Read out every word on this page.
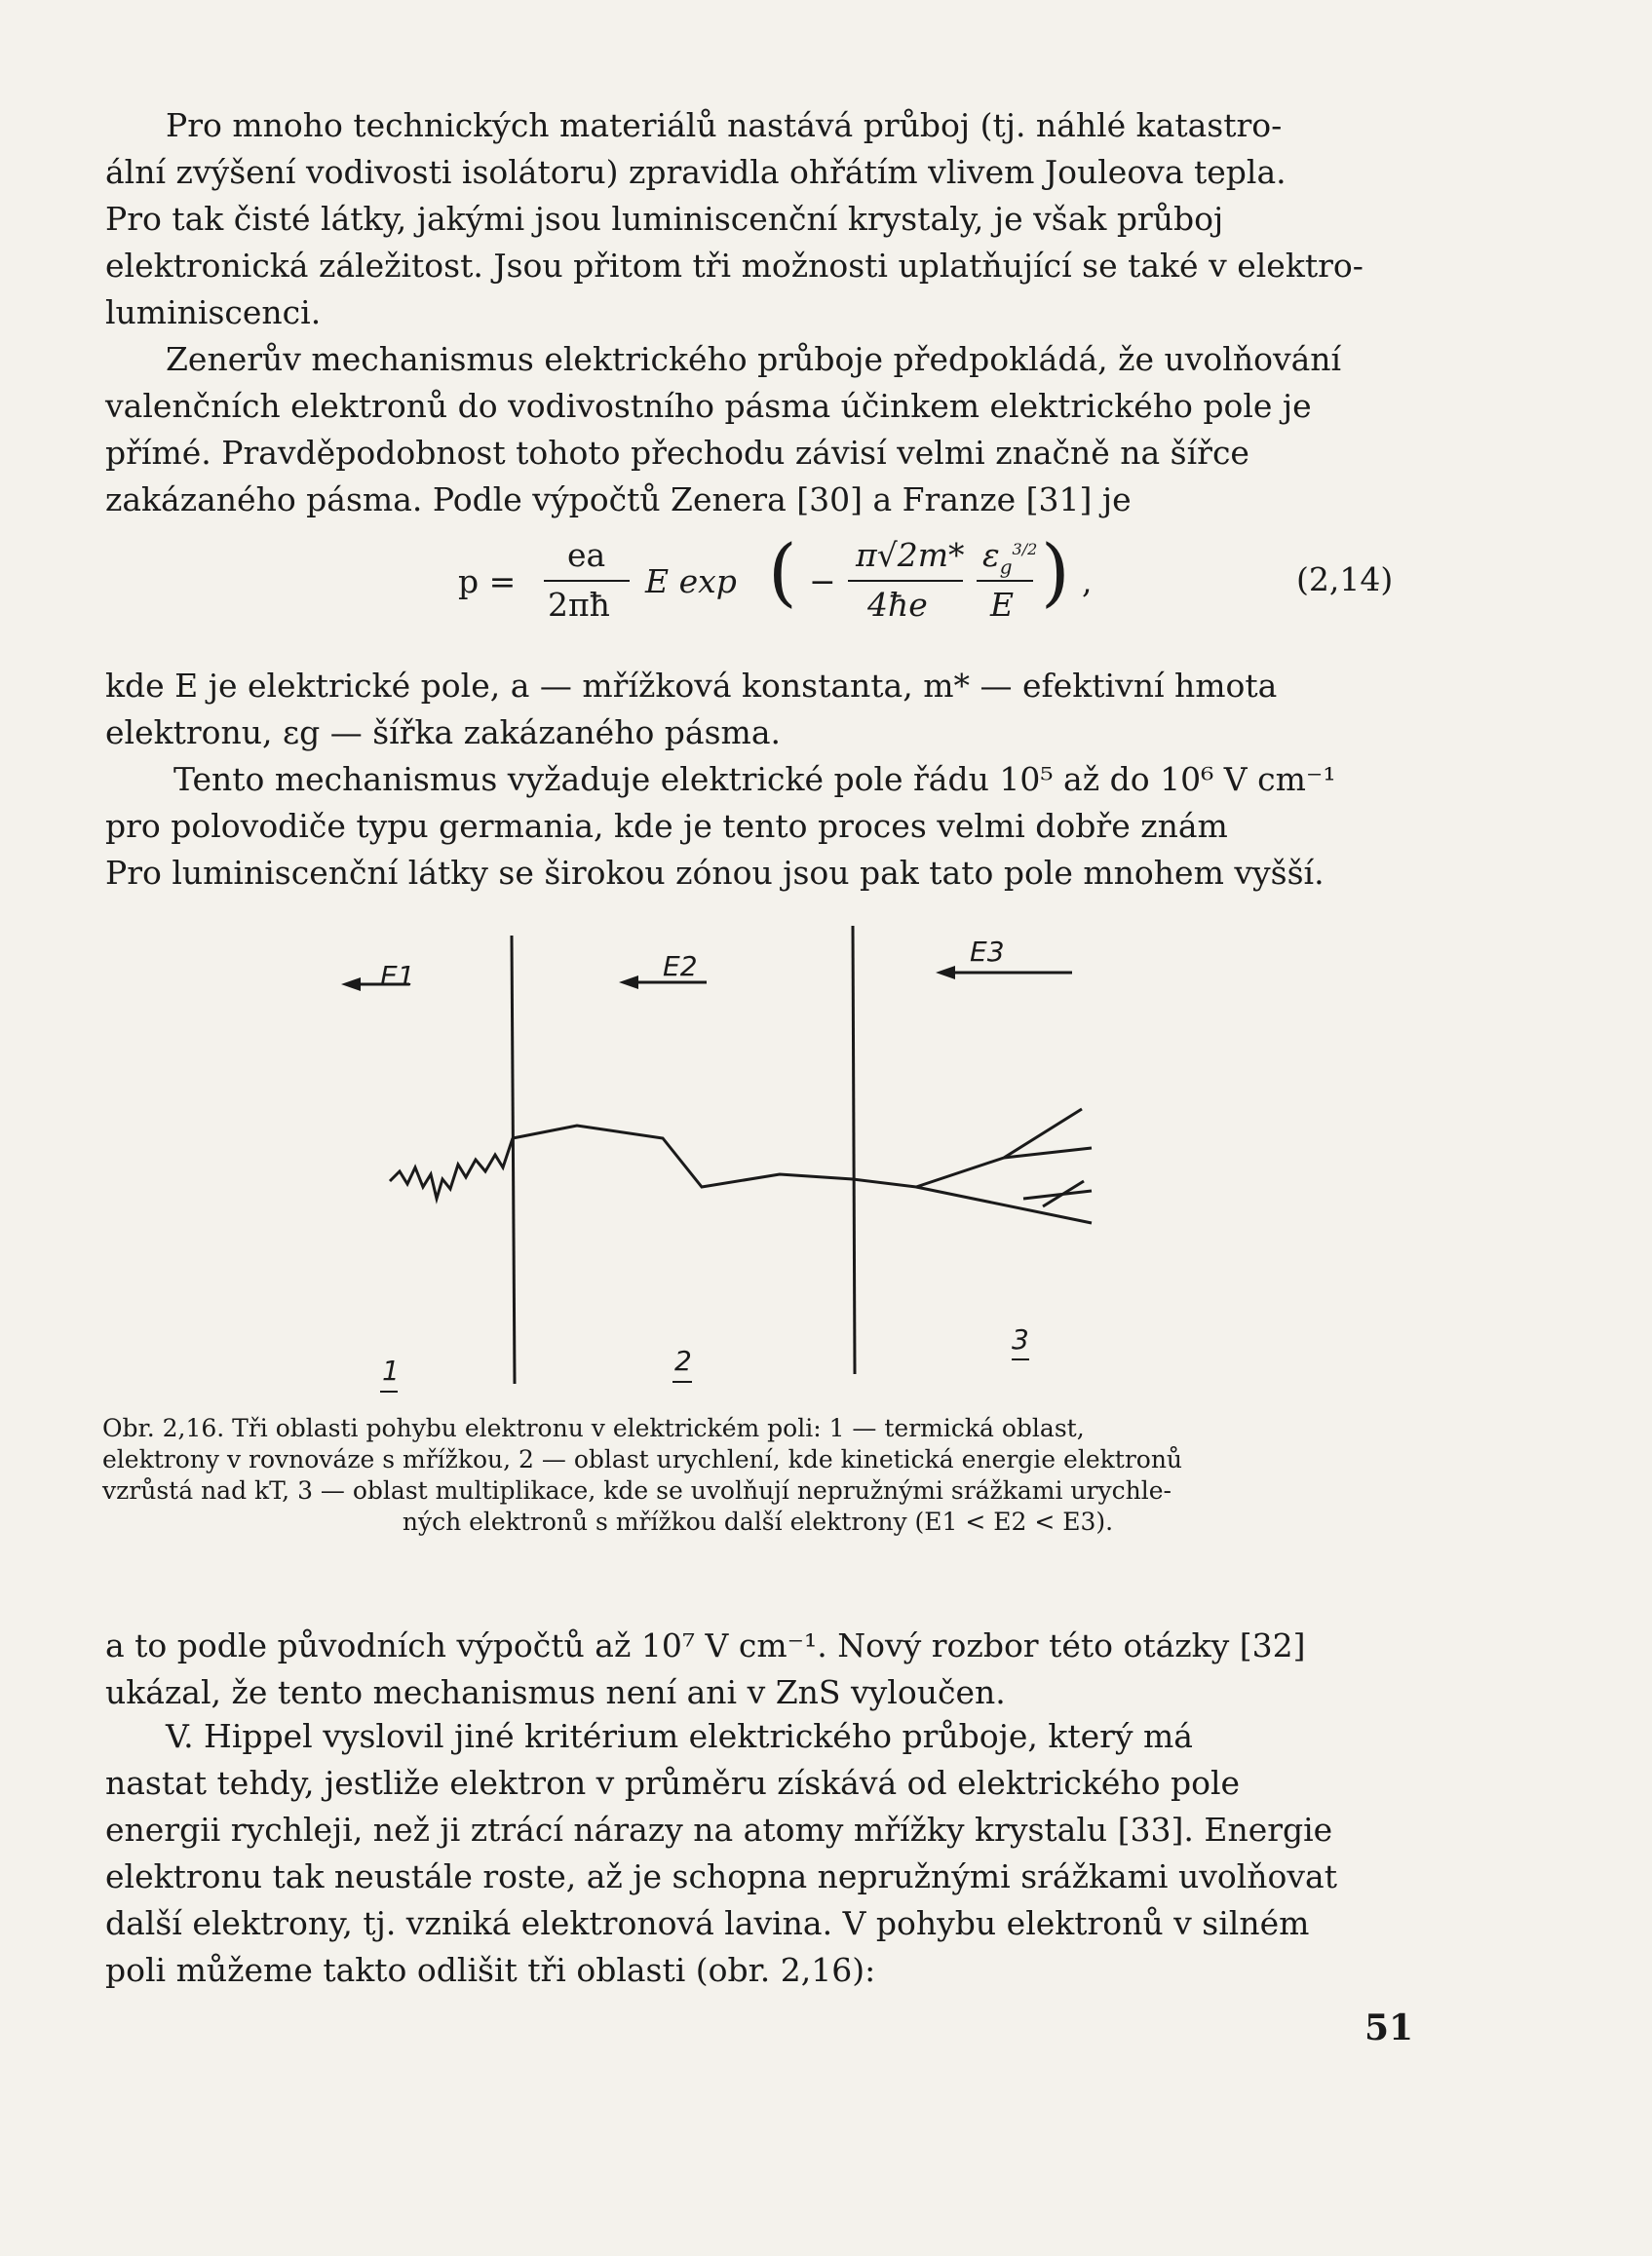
Pro mnoho technických materiálů nastává průboj (tj. náhlé katastro-
ální zvýšení vodivosti isolátoru) zpravidla ohřátím vlivem Jouleova tepla.
Pro tak čisté látky, jakými jsou luminiscenční krystaly, je však průboj
elektronická záležitost. Jsou přitom tři možnosti uplatňující se také v elektro-
luminiscenci.
Zenerův mechanismus elektrického průboje předpokládá, že uvolňování
valenčních elektronů do vodivostního pásma účinkem elektrického pole je
přímé. Pravděpodobnost tohoto přechodu závisí velmi značně na šířce
zakázaného pásma. Podle výpočtů Zenera [30] a Franze [31] je
p =
ea
2πħ
E exp ( −
π√2m*
4ħe
$\varepsilon_g^{3/2}$
E ) ,	(2,14)
kde E je elektrické pole, a — mřížková konstanta, m* — efektivní hmota
elektronu, εg — šířka zakázaného pásma.
Tento mechanismus vyžaduje elektrické pole řádu 10⁵ až do 10⁶ V cm⁻¹
pro polovodiče typu germania, kde je tento proces velmi dobře znám
Pro luminiscenční látky se širokou zónou jsou pak tato pole mnohem vyšší.
E1	E2	E3
1	2
3
Obr. 2,16. Tři oblasti pohybu elektronu v elektrickém poli: 1 — termická oblast,
elektrony v rovnováze s mřížkou, 2 — oblast urychlení, kde kinetická energie elektronů
vzrůstá nad kT, 3 — oblast multiplikace, kde se uvolňují nepružnými srážkami urychle-
ných elektronů s mřížkou další elektrony (E1 < E2 < E3).
a to podle původních výpočtů až 10⁷ V cm⁻¹. Nový rozbor této otázky [32]
ukázal, že tento mechanismus není ani v ZnS vyloučen.
V. Hippel vyslovil jiné kritérium elektrického průboje, který má
nastat tehdy, jestliže elektron v průměru získává od elektrického pole
energii rychleji, než ji ztrácí nárazy na atomy mřížky krystalu [33]. Energie
elektronu tak neustále roste, až je schopna nepružnými srážkami uvolňovat
další elektrony, tj. vzniká elektronová lavina. V pohybu elektronů v silném
poli můžeme takto odlišit tři oblasti (obr. 2,16):
51
